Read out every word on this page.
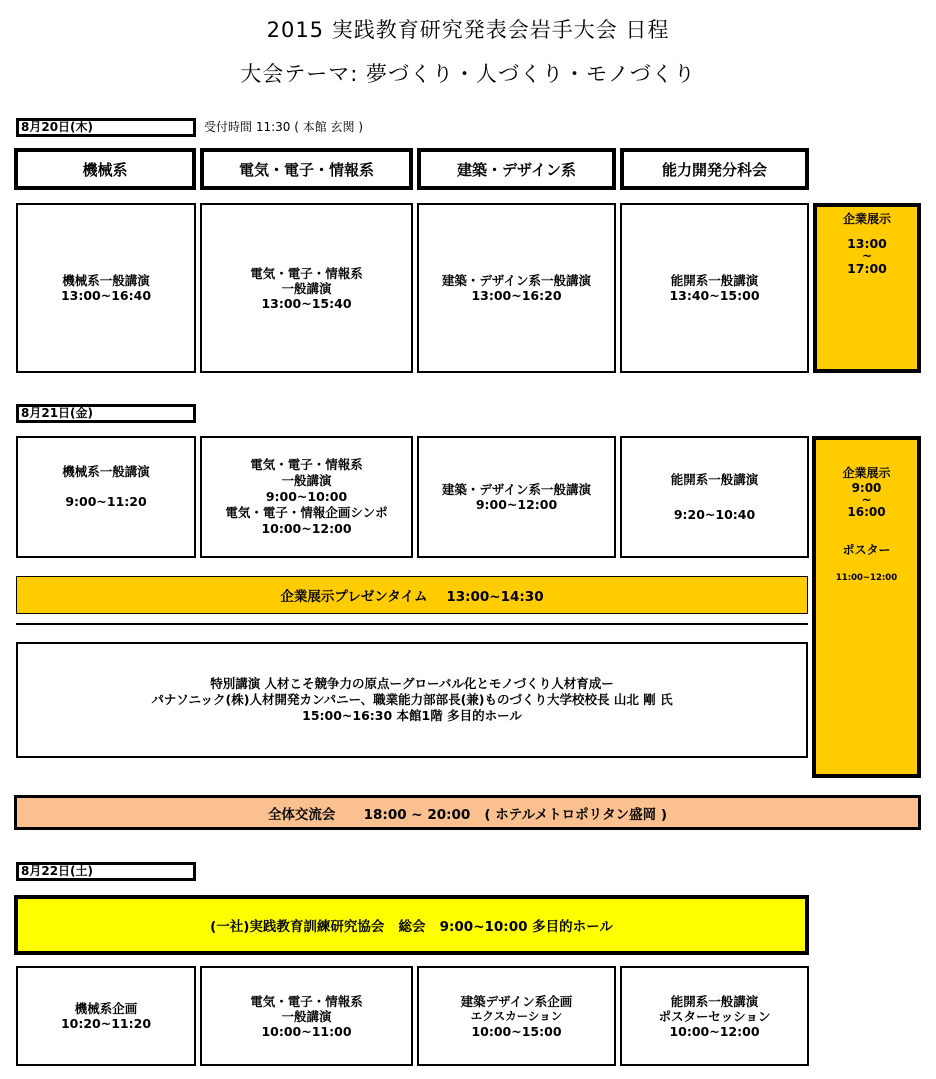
2015 実践教育研究発表会岩手大会 日程
大会テーマ: 夢づくり・人づくり・モノづくり
8月20日(木)	受付時間 11:30 ( 本館 玄関 )
機械系	電気・電子・情報系	建築・デザイン系	能力開発分科会
機械系一般講演
13:00~16:40
電気・電子・情報系
一般講演
13:00~15:40
建築・デザイン系一般講演
13:00~16:20
能開系一般講演
13:40~15:00
企業展示
13:00
~
17:00
8月21日(金)
機械系一般講演
9:00~11:20
電気・電子・情報系
一般講演
9:00~10:00
電気・電子・情報企画シンポ
10:00~12:00
建築・デザイン系一般講演
9:00~12:00
能開系一般講演
9:20~10:40
企業展示
9:00
~
16:00
ポスター
11:00~12:00
企業展示プレゼンタイム    13:00~14:30
特別講演 人材こそ競争力の原点ーグローバル化とモノづくり人材育成ー
パナソニック(株)人材開発カンパニー、職業能力部部長(兼)ものづくり大学校校長 山北 剛 氏
15:00~16:30 本館1階 多目的ホール
全体交流会      18:00 ~ 20:00   ( ホテルメトロポリタン盛岡 )
8月22日(土)
(一社)実践教育訓練研究協会   総会   9:00~10:00 多目的ホール
機械系企画
10:20~11:20
電気・電子・情報系
一般講演
10:00~11:00
建築デザイン系企画
エクスカーション
10:00~15:00
能開系一般講演
ポスターセッション
10:00~12:00
